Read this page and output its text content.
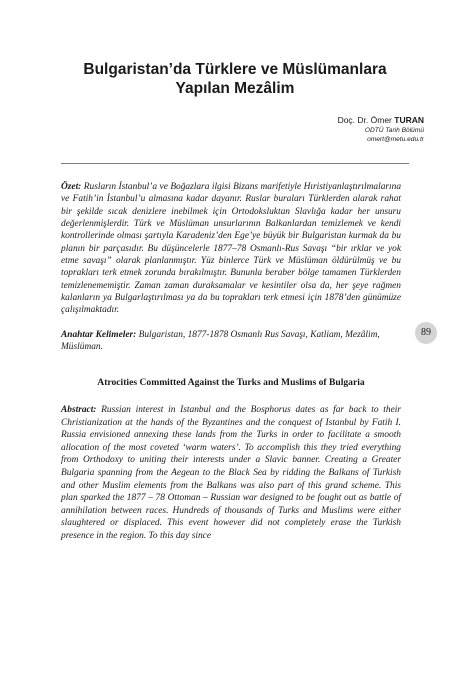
Bulgaristan’da Türklere ve Müslümanlara
Yapılan Mezâlim
Doç. Dr. Ömer TURAN
ODTÜ Tarih Bölümü
omert@metu.edu.tr
Özet: Rusların İstanbul’a ve Boğazlara ilgisi Bizans marifetiyle Hıristiyanlaştırılmalarına ve Fatih’in İstanbul’u almasına kadar dayanır. Ruslar buraları Türklerden alarak rahat bir şekilde sıcak denizlere inebilmek için Ortodoksluktan Slavlığa kadar her unsuru değerlenmişlerdir. Türk ve Müslüman unsurlarının Balkanlardan temizlemek ve kendi kontrollerinde olması şartıyla Karadeniz’den Ege’ye büyük bir Bulgaristan kurmak da bu planın bir parçasıdır. Bu düşüncelerle 1877–78 Osmanlı-Rus Savaşı “bir ırklar ve yok etme savaşı” olarak planlanmıştır. Yüz binlerce Türk ve Müslüman öldürülmüş ve bu toprakları terk etmek zorunda bırakılmıştır. Bununla beraber bölge tamamen Türklerden temizlenememiştir. Zaman zaman duraksamalar ve kesintiler olsa da, her şeye rağmen kalanların ya Bulgarlaştırılması ya da bu toprakları terk etmesi için 1878’den günümüze çalışılmaktadır.
Anahtar Kelimeler: Bulgaristan, 1877-1878 Osmanlı Rus Savaşı, Katliam, Mezâlim, Müslüman.
Atrocities Committed Against the Turks and Muslims of Bulgaria
Abstract: Russian interest in Istanbul and the Bosphorus dates as far back to their Christianization at the hands of the Byzantines and the conquest of Istanbul by Fatih I. Russia envisioned annexing these lands from the Turks in order to facilitate a smooth allocation of the most coveted ‘warm waters’. To accomplish this they tried everything from Orthodoxy to uniting their interests under a Slavic banner. Creating a Greater Bulgaria spanning from the Aegean to the Black Sea by ridding the Balkans of Turkish and other Muslim elements from the Balkans was also part of this grand scheme. This plan sparked the 1877 – 78 Ottoman – Russian war designed to be fought out as battle of annihilation between races. Hundreds of thousands of Turks and Muslims were either slaughtered or displaced. This event however did not completely erase the Turkish presence in the region. To this day since
89
